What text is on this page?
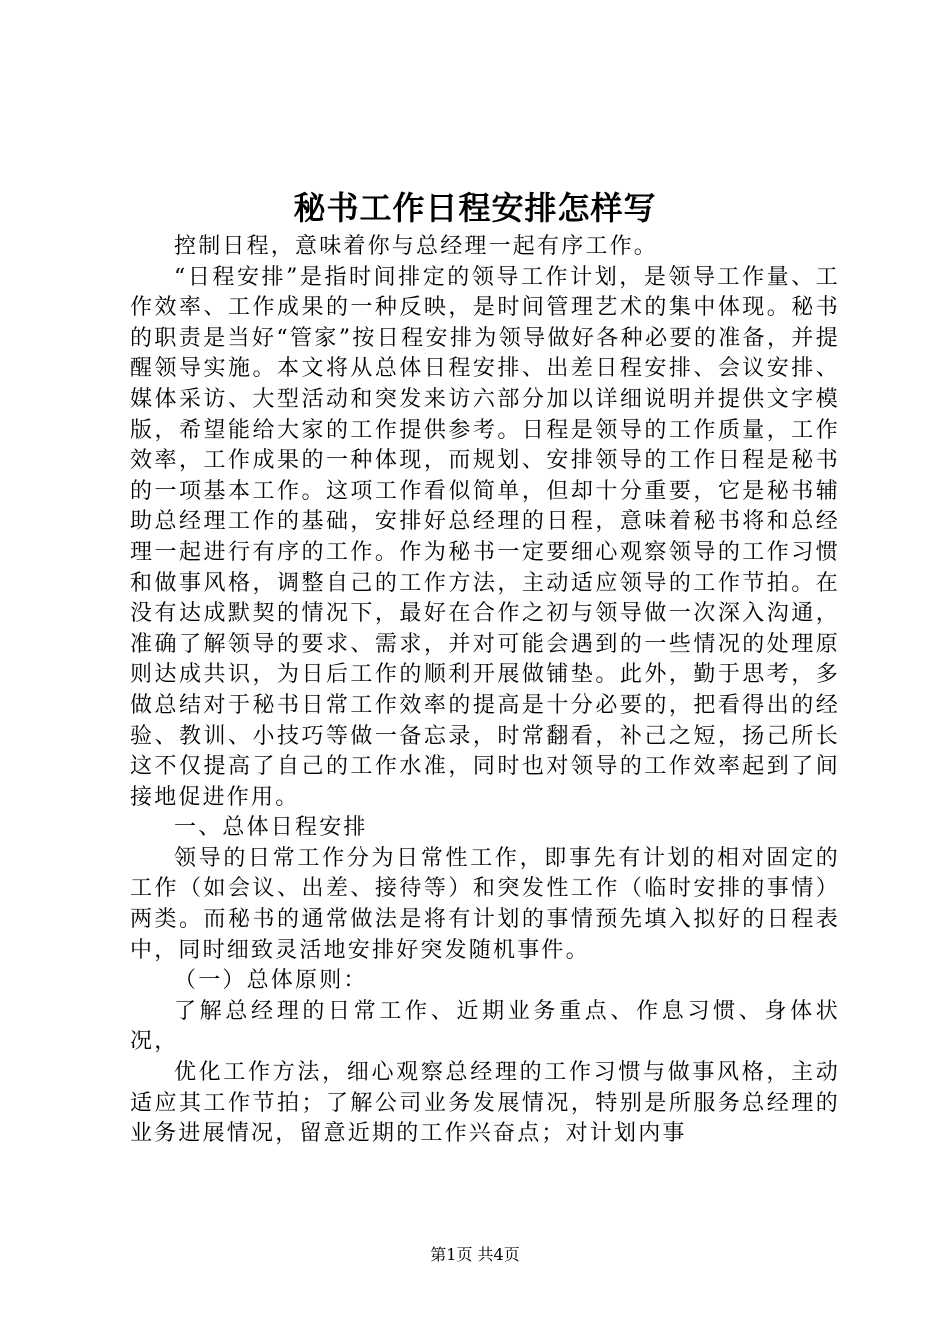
秘书工作日程安排怎样写

控制日程，意味着你与总经理一起有序工作。

“日程安排”是指时间排定的领导工作计划，是领导工作量、工作效率、工作成果的一种反映，是时间管理艺术的集中体现。秘书的职责是当好“管家”按日程安排为领导做好各种必要的准备，并提醒领导实施。本文将从总体日程安排、出差日程安排、会议安排、媒体采访、大型活动和突发来访六部分加以详细说明并提供文字模版，希望能给大家的工作提供参考。日程是领导的工作质量，工作效率，工作成果的一种体现，而规划、安排领导的工作日程是秘书的一项基本工作。这项工作看似简单，但却十分重要，它是秘书辅助总经理工作的基础，安排好总经理的日程，意味着秘书将和总经理一起进行有序的工作。作为秘书一定要细心观察领导的工作习惯和做事风格，调整自己的工作方法，主动适应领导的工作节拍。在没有达成默契的情况下，最好在合作之初与领导做一次深入沟通，准确了解领导的要求、需求，并对可能会遇到的一些情况的处理原则达成共识，为日后工作的顺利开展做铺垫。此外，勤于思考，多做总结对于秘书日常工作效率的提高是十分必要的，把看得出的经验、教训、小技巧等做一备忘录，时常翻看，补己之短，扬己所长这不仅提高了自己的工作水准，同时也对领导的工作效率起到了间接地促进作用。

一、总体日程安排

领导的日常工作分为日常性工作，即事先有计划的相对固定的工作（如会议、出差、接待等）和突发性工作（临时安排的事情）两类。而秘书的通常做法是将有计划的事情预先填入拟好的日程表中，同时细致灵活地安排好突发随机事件。

（一）总体原则：

了解总经理的日常工作、近期业务重点、作息习惯、身体状况，

优化工作方法，细心观察总经理的工作习惯与做事风格，主动适应其工作节拍；了解公司业务发展情况，特别是所服务总经理的业务进展情况，留意近期的工作兴奋点；对计划内事

第1页 共4页
